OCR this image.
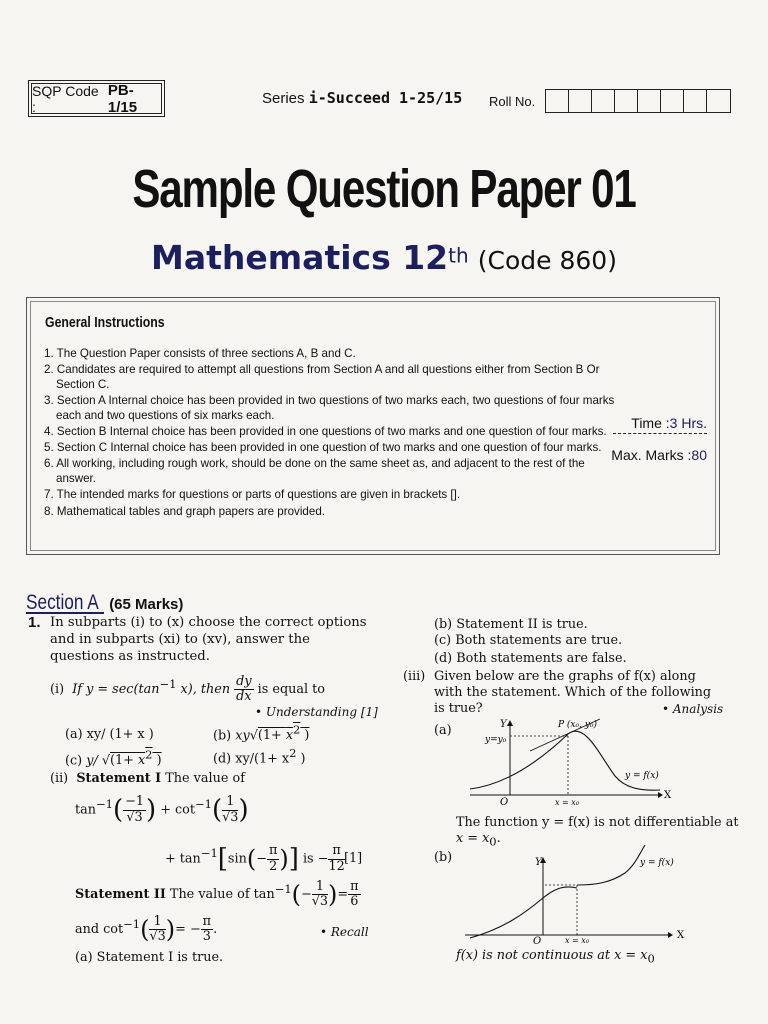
SQP Code :
PB-1/15	Series i-Succeed 1-25/15 Roll No.
Sample Question Paper 01
Mathematics 12th (Code 860)
General Instructions
1. The Question Paper consists of three sections A, B and C.
2. Candidates are required to attempt all questions from Section A and all questions either from Section B Or Section C.
3. Section A Internal choice has been provided in two questions of two marks each, two questions of four marks each and two questions of six marks each.
4. Section B Internal choice has been provided in one questions of two marks and one question of four marks.
5. Section C Internal choice has been provided in one question of two marks and one question of four marks.
6. All working, including rough work, should be done on the same sheet as, and adjacent to the rest of the answer.
7. The intended marks for questions or parts of questions are given in brackets [].
8. Mathematical tables and graph papers are provided.
Time :3 Hrs.
Max. Marks :80
Section A (65 Marks)
1. In subparts (i) to (x) choose the correct options and in subparts (xi) to (xv), answer the questions as instructed.
(i) If $y = \sec(\tan^{-1}$ x), then $\frac{dy}{dx}$ is equal to
• Understanding [1]
(a) xy/ (1+ x )	(b) $xy√(1+ x^2$ )
(c) y/ $√(1+ x^2$ )	(d) $xy/(1+ x^2$ )
(ii) Statement I The value of
$\tan^{-1}( \frac{-1}{√3}$ ) + $\cot^{-1}( \frac{1}{√3}$ )
+ $\tan^{-1}[\sin(- \frac{\pi}{2}$ )] is − $\frac{\pi}{12} [1]$
Statement II The value of $\tan^{-1}(- \frac{1}{√3}$ )= $\frac{\pi}{6}$
and $\cot^{-1}( \frac{1}{√3}$ )= − $\frac{\pi}{3}$ .	• Recall
(a) Statement I is true.
(b) Statement II is true.
(c) Both statements are true.
(d) Both statements are false.
(iii) Given below are the graphs of f(x) along
with the statement. Which of the following
is true?	• Analysis
(a)	Y
X
O
y=y₀
P (x₀, y₀)
y = f(x)
x = x₀
The function y = f(x) is not differentiable at
$x = x_0$.
(b)	Y
X
O
y = f(x)
x = x₀
f(x) is not continuous at $x = x_0$
